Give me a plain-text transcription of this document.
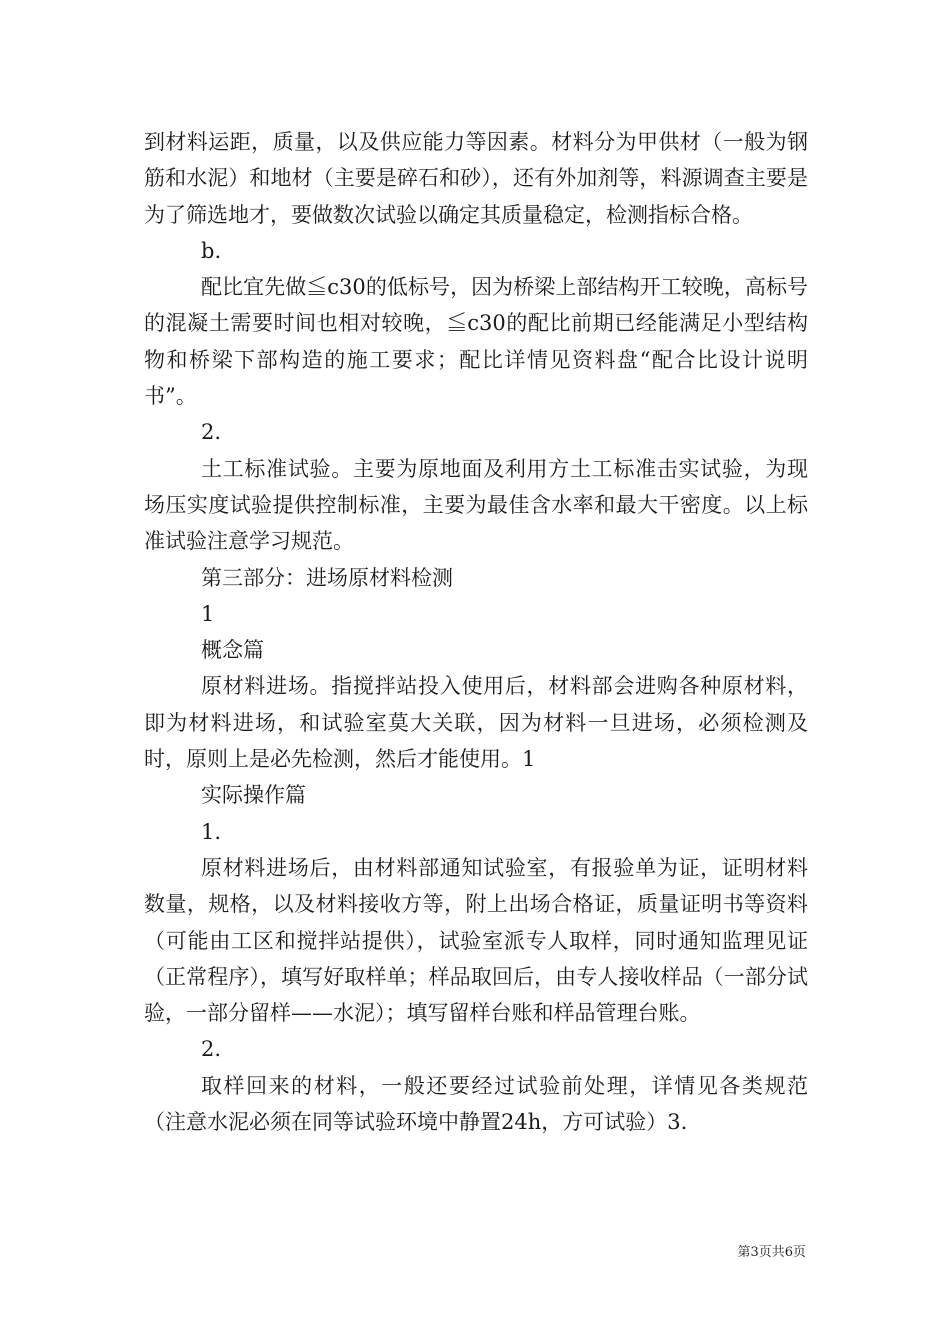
到材料运距，质量，以及供应能力等因素。材料分为甲供材（一般为钢筋和水泥）和地材（主要是碎石和砂），还有外加剂等，料源调查主要是为了筛选地才，要做数次试验以确定其质量稳定，检测指标合格。

b.

配比宜先做≦c30的低标号，因为桥梁上部结构开工较晚，高标号的混凝土需要时间也相对较晚，≦c30的配比前期已经能满足小型结构物和桥梁下部构造的施工要求；配比详情见资料盘“配合比设计说明书”。

2.

土工标准试验。主要为原地面及利用方土工标准击实试验，为现场压实度试验提供控制标准，主要为最佳含水率和最大干密度。以上标准试验注意学习规范。

第三部分：进场原材料检测

1

概念篇

原材料进场。指搅拌站投入使用后，材料部会进购各种原材料，即为材料进场，和试验室莫大关联，因为材料一旦进场，必须检测及时，原则上是必先检测，然后才能使用。1

实际操作篇

1.

原材料进场后，由材料部通知试验室，有报验单为证，证明材料数量，规格，以及材料接收方等，附上出场合格证，质量证明书等资料（可能由工区和搅拌站提供），试验室派专人取样，同时通知监理见证（正常程序），填写好取样单；样品取回后，由专人接收样品（一部分试验，一部分留样——水泥）；填写留样台账和样品管理台账。

2.

取样回来的材料，一般还要经过试验前处理，详情见各类规范（注意水泥必须在同等试验环境中静置24h，方可试验）3.

第3页共6页
